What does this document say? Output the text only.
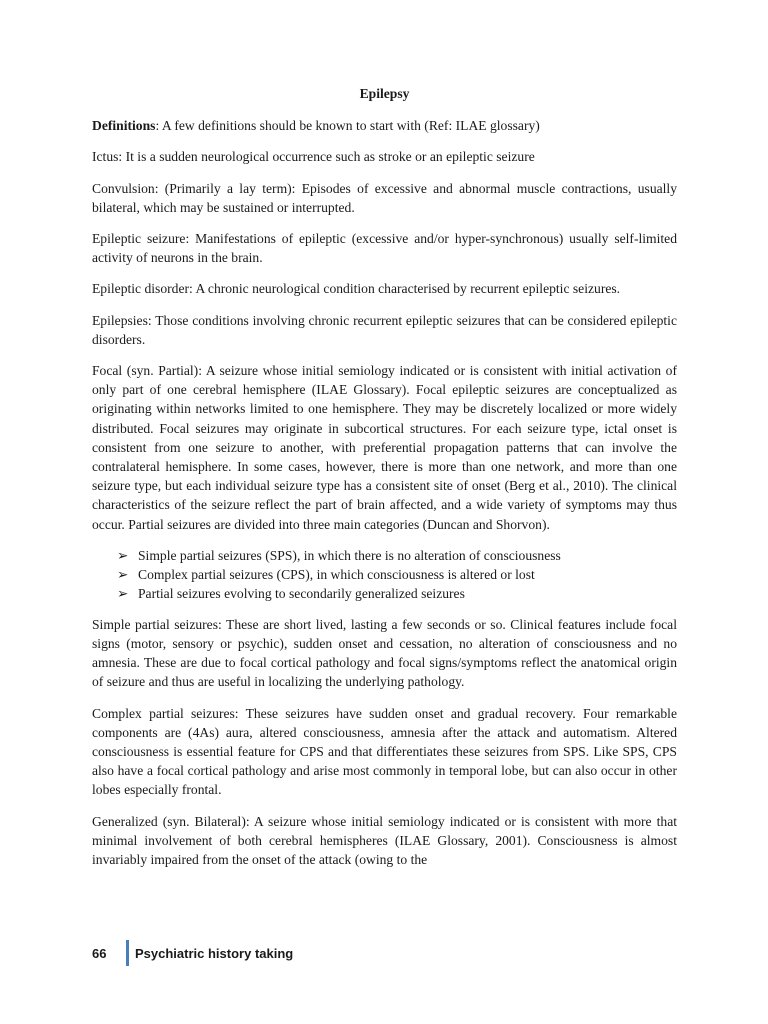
Epilepsy

Definitions: A few definitions should be known to start with (Ref: ILAE glossary)

Ictus: It is a sudden neurological occurrence such as stroke or an epileptic seizure

Convulsion: (Primarily a lay term): Episodes of excessive and abnormal muscle contractions, usually bilateral, which may be sustained or interrupted.

Epileptic seizure: Manifestations of epileptic (excessive and/or hyper-synchronous) usually self-limited activity of neurons in the brain.

Epileptic disorder: A chronic neurological condition characterised by recurrent epileptic seizures.

Epilepsies: Those conditions involving chronic recurrent epileptic seizures that can be considered epileptic disorders.

Focal (syn. Partial): A seizure whose initial semiology indicated or is consistent with initial activation of only part of one cerebral hemisphere (ILAE Glossary). Focal epileptic seizures are conceptualized as originating within networks limited to one hemisphere. They may be discretely localized or more widely distributed. Focal seizures may originate in subcortical structures. For each seizure type, ictal onset is consistent from one seizure to another, with preferential propagation patterns that can involve the contralateral hemisphere. In some cases, however, there is more than one network, and more than one seizure type, but each individual seizure type has a consistent site of onset (Berg et al., 2010). The clinical characteristics of the seizure reflect the part of brain affected, and a wide variety of symptoms may thus occur. Partial seizures are divided into three main categories (Duncan and Shorvon).

➢ Simple partial seizures (SPS), in which there is no alteration of consciousness
➢ Complex partial seizures (CPS), in which consciousness is altered or lost
➢ Partial seizures evolving to secondarily generalized seizures

Simple partial seizures: These are short lived, lasting a few seconds or so. Clinical features include focal signs (motor, sensory or psychic), sudden onset and cessation, no alteration of consciousness and no amnesia. These are due to focal cortical pathology and focal signs/symptoms reflect the anatomical origin of seizure and thus are useful in localizing the underlying pathology.

Complex partial seizures: These seizures have sudden onset and gradual recovery. Four remarkable components are (4As) aura, altered consciousness, amnesia after the attack and automatism. Altered consciousness is essential feature for CPS and that differentiates these seizures from SPS. Like SPS, CPS also have a focal cortical pathology and arise most commonly in temporal lobe, but can also occur in other lobes especially frontal.

Generalized (syn. Bilateral): A seizure whose initial semiology indicated or is consistent with more that minimal involvement of both cerebral hemispheres (ILAE Glossary, 2001). Consciousness is almost invariably impaired from the onset of the attack (owing to the

66	Psychiatric history taking
